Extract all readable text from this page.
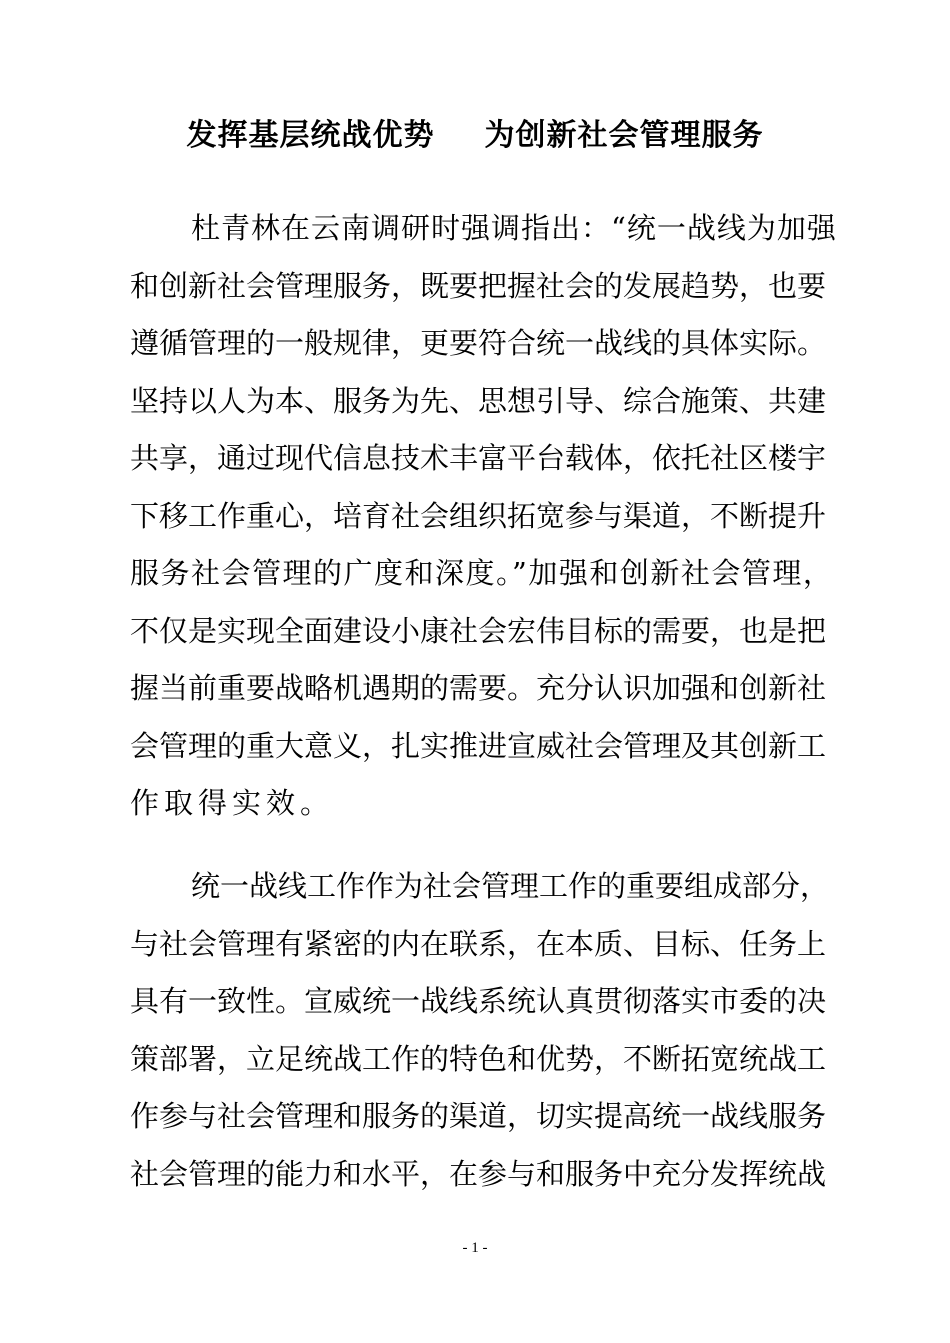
发挥基层统战优势 为创新社会管理服务
杜青林在云南调研时强调指出：“统一战线为加强
和创新社会管理服务，既要把握社会的发展趋势，也要
遵循管理的一般规律，更要符合统一战线的具体实际。
坚持以人为本、服务为先、思想引导、综合施策、共建
共享，通过现代信息技术丰富平台载体，依托社区楼宇
下移工作重心，培育社会组织拓宽参与渠道，不断提升
服务社会管理的广度和深度。”加强和创新社会管理，
不仅是实现全面建设小康社会宏伟目标的需要，也是把
握当前重要战略机遇期的需要。充分认识加强和创新社
会管理的重大意义，扎实推进宣威社会管理及其创新工
作取得实效。
统一战线工作作为社会管理工作的重要组成部分，
与社会管理有紧密的内在联系，在本质、目标、任务上
具有一致性。宣威统一战线系统认真贯彻落实市委的决
策部署，立足统战工作的特色和优势，不断拓宽统战工
作参与社会管理和服务的渠道，切实提高统一战线服务
社会管理的能力和水平，在参与和服务中充分发挥统战
- 1 -
